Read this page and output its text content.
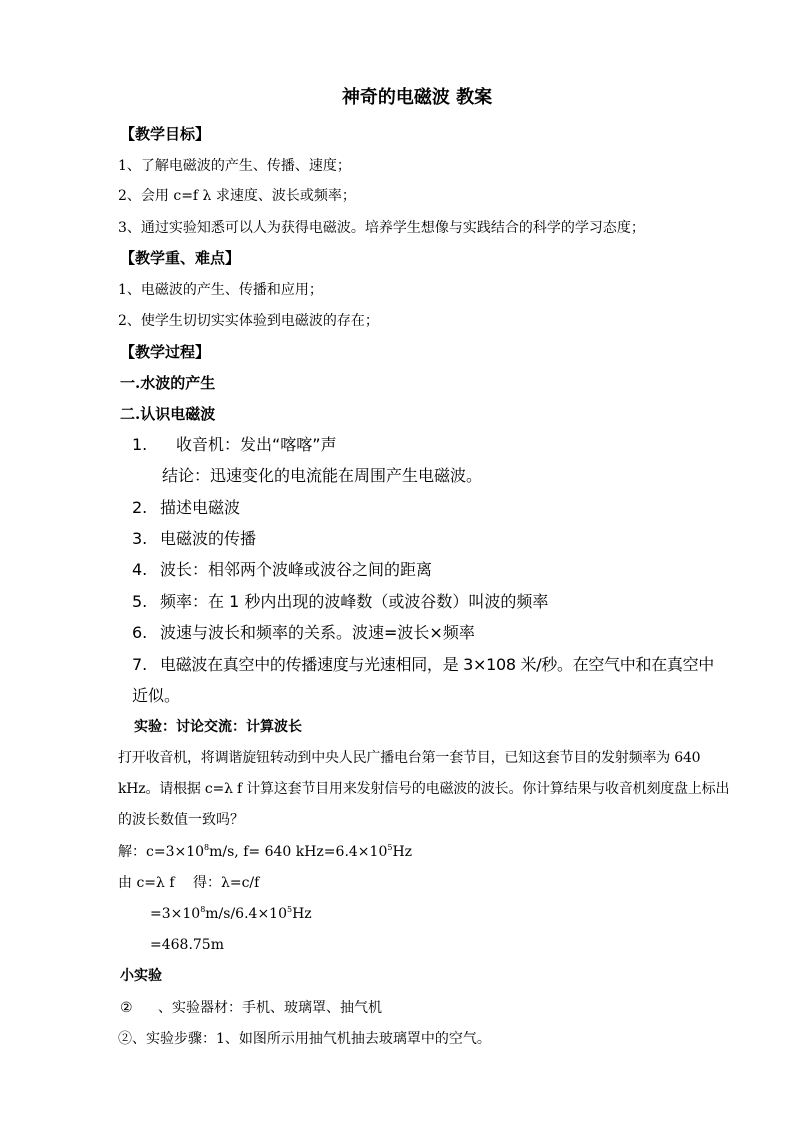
神奇的电磁波 教案
【教学目标】
1、了解电磁波的产生、传播、速度；
2、会用 c=f λ 求速度、波长或频率；
3、通过实验知悉可以人为获得电磁波。培养学生想像与实践结合的科学的学习态度；
【教学重、难点】
1、电磁波的产生、传播和应用；
2、使学生切切实实体验到电磁波的存在；
【教学过程】
一.水波的产生
二.认识电磁波
1. 收音机：发出“喀喀”声
结论：迅速变化的电流能在周围产生电磁波。
2. 描述电磁波
3. 电磁波的传播
4. 波长：相邻两个波峰或波谷之间的距离
5. 频率：在 1 秒内出现的波峰数（或波谷数）叫波的频率
6. 波速与波长和频率的关系。波速=波长×频率
7. 电磁波在真空中的传播速度与光速相同，是 3×108 米/秒。在空气中和在真空中
近似。
实验：讨论交流：计算波长
打开收音机，将调谐旋钮转动到中央人民广播电台第一套节目，已知这套节目的发射频率为 640
kHz。请根据 c=λ f 计算这套节目用来发射信号的电磁波的波长。你计算结果与收音机刻度盘上标出
的波长数值一致吗？
解：$c=3\times 10^8m/s$, f= 640 $kHz=6.4\times 10^5Hz$
由 c=λ f　 得：λ=c/f
$=3\times 10^8m/s/6.4\times 10^5Hz$
=468.75m
小实验
② 、实验器材：手机、玻璃罩、抽气机
②、实验步骤：1、如图所示用抽气机抽去玻璃罩中的空气。
